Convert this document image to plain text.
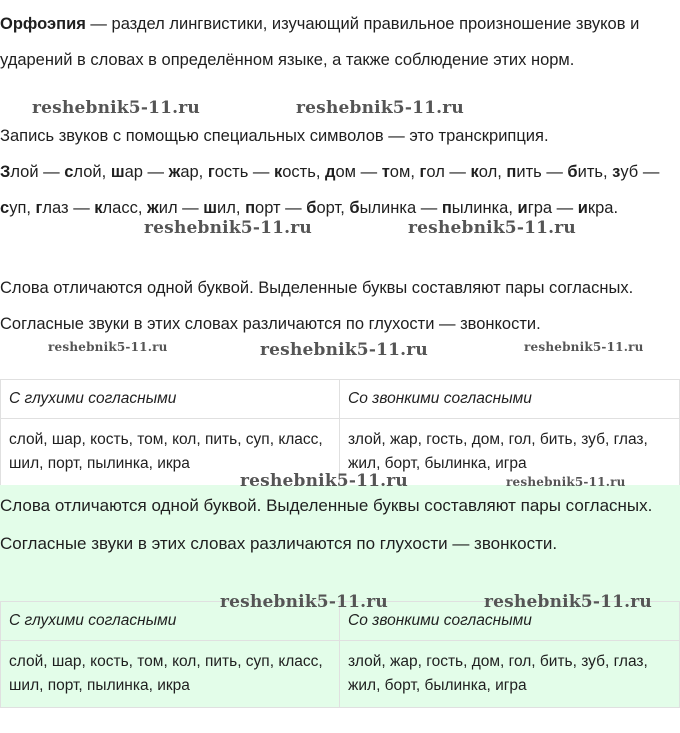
Орфоэпия — раздел лингвистики, изучающий правильное произношение звуков и ударений в словах в определённом языке, а также соблюдение этих норм.

Запись звуков с помощью специальных символов — это транскрипция.

Злой — слой, шар — жар, гость — кость, дом — том, гол — кол, пить — бить, зуб — суп, глаз — класс, жил — шил, порт — борт, былинка — пылинка, игра — икра.

Слова отличаются одной буквой. Выделенные буквы составляют пары согласных. Согласные звуки в этих словах различаются по глухости — звонкости.

С глухими согласными	Со звонкими согласными
слой, шар, кость, том, кол, пить, суп, класс, шил, порт, пылинка, икра	злой, жар, гость, дом, гол, бить, зуб, глаз, жил, борт, былинка, игра

Слова отличаются одной буквой. Выделенные буквы составляют пары согласных. Согласные звуки в этих словах различаются по глухости — звонкости.

С глухими согласными	Со звонкими согласными
слой, шар, кость, том, кол, пить, суп, класс, шил, порт, пылинка, икра	злой, жар, гость, дом, гол, бить, зуб, глаз, жил, борт, былинка, игра
reshebnik5-11.ru	reshebnik5-11.ru
reshebnik5-11.ru	reshebnik5-11.ru
reshebnik5-11.ru	reshebnik5-11.ru	reshebnik5-11.ru
reshebnik5-11.ru	reshebnik5-11.ru
reshebnik5-11.ru	reshebnik5-11.ru
